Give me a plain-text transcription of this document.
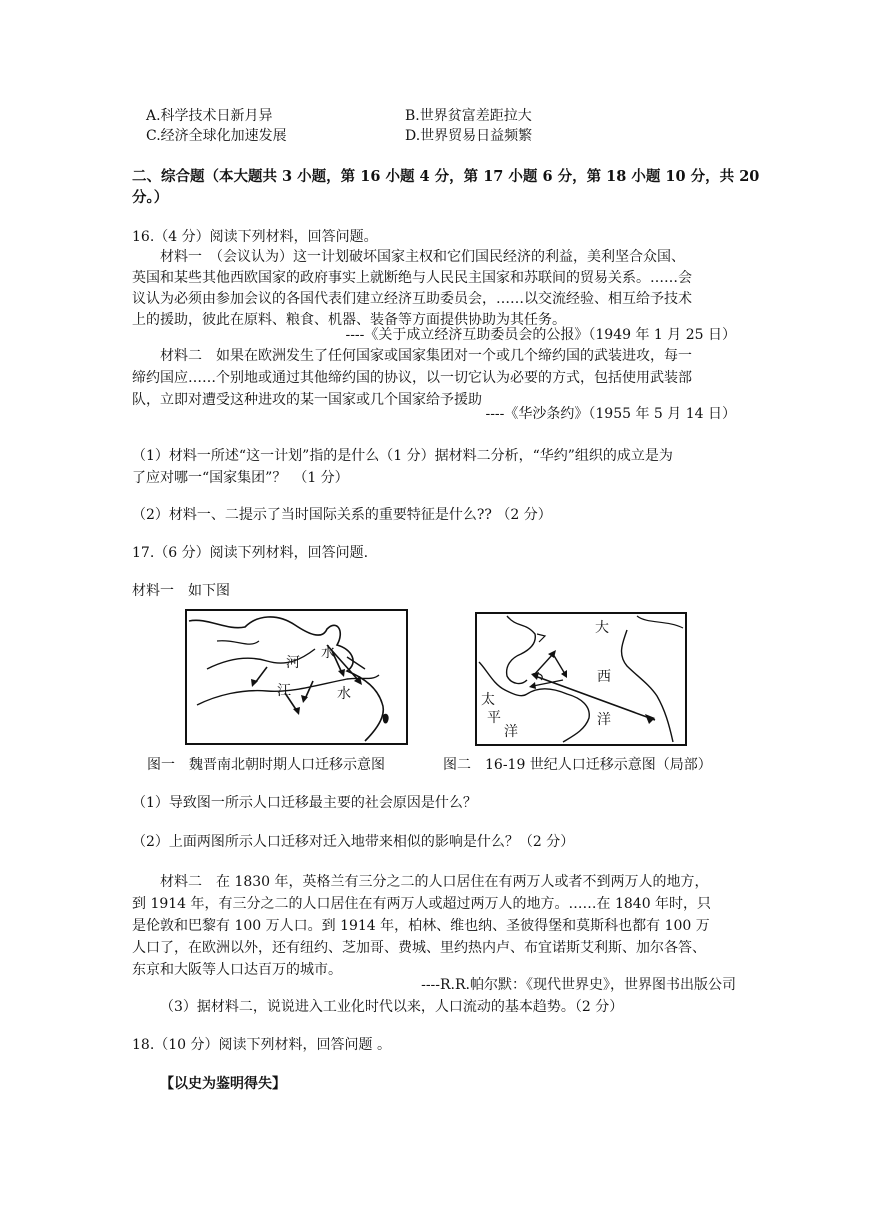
A.科学技术日新月异	B.世界贫富差距拉大
C.经济全球化加速发展	D.世界贸易日益频繁
二、综合题（本大题共 3 小题，第 16 小题 4 分，第 17 小题 6 分，第 18 小题 10 分，共 20
分。）
16.（4 分）阅读下列材料，回答问题。
材料一　（会议认为）这一计划破坏国家主权和它们国民经济的利益，美利坚合众国、
英国和某些其他西欧国家的政府事实上就断绝与人民民主国家和苏联间的贸易关系。……会
议认为必须由参加会议的各国代表们建立经济互助委员会，……以交流经验、相互给予技术
上的援助，彼此在原料、粮食、机器、装备等方面提供协助为其任务。
----《关于成立经济互助委员会的公报》（1949 年 1 月 25 日）
材料二　如果在欧洲发生了任何国家或国家集团对一个或几个缔约国的武装进攻，每一
缔约国应……个别地或通过其他缔约国的协议，以一切它认为必要的方式，包括使用武装部
队，立即对遭受这种进攻的某一国家或几个国家给予援助
----《华沙条约》（1955 年 5 月 14 日）
（1）材料一所述“这一计划”指的是什么（1 分）据材料二分析，“华约”组织的成立是为
了应对哪一“国家集团”？　（1 分）
（2）材料一、二提示了当时国际关系的重要特征是什么?? （2 分）
17.（6 分）阅读下列材料，回答问题.
材料一　如下图
河
水
江	水
大
西
洋
太
平
洋
图一　魏晋南北朝时期人口迁移示意图	图二　16-19 世纪人口迁移示意图（局部）
（1）导致图一所示人口迁移最主要的社会原因是什么？
（2）上面两图所示人口迁移对迁入地带来相似的影响是什么？（2 分）
材料二　在 1830 年，英格兰有三分之二的人口居住在有两万人或者不到两万人的地方，
到 1914 年，有三分之二的人口居住在有两万人或超过两万人的地方。……在 1840 年时，只
是伦敦和巴黎有 100 万人口。到 1914 年，柏林、维也纳、圣彼得堡和莫斯科也都有 100 万
人口了，在欧洲以外，还有纽约、芝加哥、费城、里约热内卢、布宜诺斯艾利斯、加尔各答、
东京和大阪等人口达百万的城市。
----R.R.帕尔默：《现代世界史》，世界图书出版公司
（3）据材料二，说说进入工业化时代以来，人口流动的基本趋势。（2 分）
18.（10 分）阅读下列材料，回答问题 。
【以史为鉴明得失】
